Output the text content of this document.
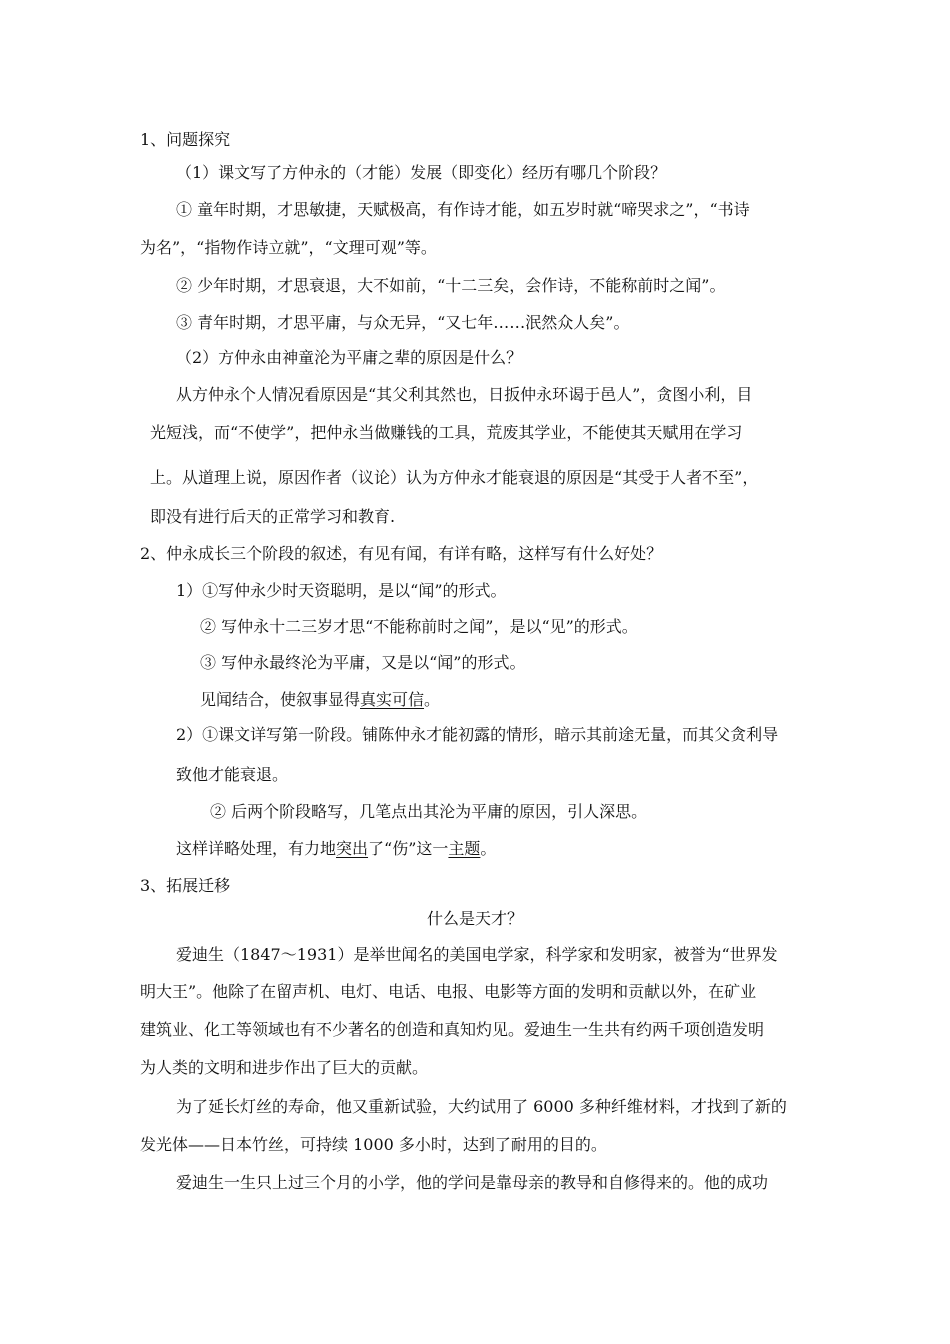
1、问题探究
（1）课文写了方仲永的（才能）发展（即变化）经历有哪几个阶段？
① 童年时期，才思敏捷，天赋极高，有作诗才能，如五岁时就“啼哭求之”，“书诗
为名”，“指物作诗立就”，“文理可观”等。
② 少年时期，才思衰退，大不如前，“十二三矣，会作诗，不能称前时之闻”。
③ 青年时期，才思平庸，与众无异，“又七年……泯然众人矣”。
（2）方仲永由神童沦为平庸之辈的原因是什么？
从方仲永个人情况看原因是“其父利其然也，日扳仲永环谒于邑人”，贪图小利，目
光短浅，而“不使学”，把仲永当做赚钱的工具，荒废其学业，不能使其天赋用在学习
上。从道理上说，原因作者（议论）认为方仲永才能衰退的原因是“其受于人者不至”，
即没有进行后天的正常学习和教育.
2、仲永成长三个阶段的叙述，有见有闻，有详有略，这样写有什么好处？
1）①写仲永少时天资聪明，是以“闻”的形式。
② 写仲永十二三岁才思“不能称前时之闻”，是以“见”的形式。
③ 写仲永最终沦为平庸，又是以“闻”的形式。
见闻结合，使叙事显得真实可信。
2）①课文详写第一阶段。铺陈仲永才能初露的情形，暗示其前途无量，而其父贪利导
致他才能衰退。
② 后两个阶段略写，几笔点出其沦为平庸的原因，引人深思。
这样详略处理，有力地突出了“伤”这一主题。
3、拓展迁移
什么是天才？
爱迪生（1847～1931）是举世闻名的美国电学家，科学家和发明家，被誉为“世界发
明大王”。他除了在留声机、电灯、电话、电报、电影等方面的发明和贡献以外，在矿业
建筑业、化工等领域也有不少著名的创造和真知灼见。爱迪生一生共有约两千项创造发明
为人类的文明和进步作出了巨大的贡献。
为了延长灯丝的寿命，他又重新试验，大约试用了 6000 多种纤维材料，才找到了新的
发光体——日本竹丝，可持续 1000 多小时，达到了耐用的目的。
爱迪生一生只上过三个月的小学，他的学问是靠母亲的教导和自修得来的。他的成功
